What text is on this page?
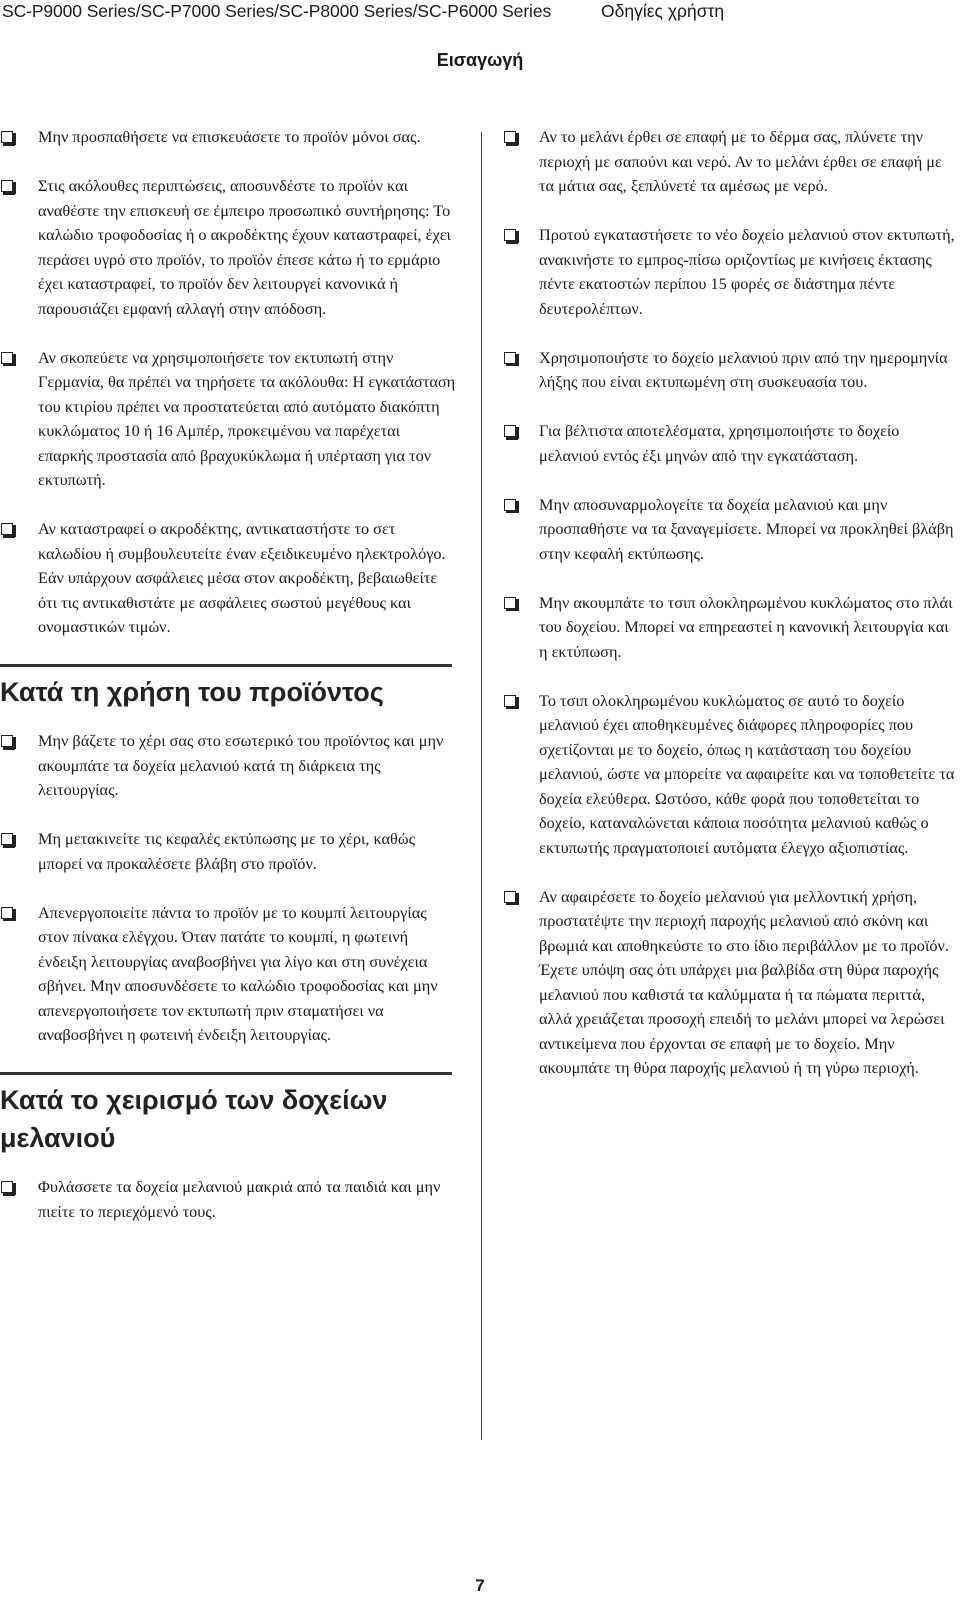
SC-P9000 Series/SC-P7000 Series/SC-P8000 Series/SC-P6000 Series	Οδηγίες χρήστη
Εισαγωγή
Μην προσπαθήσετε να επισκευάσετε το προϊόν μόνοι σας.
Στις ακόλουθες περιπτώσεις, αποσυνδέστε το προϊόν και αναθέστε την επισκευή σε έμπειρο προσωπικό συντήρησης: Το καλώδιο τροφοδοσίας ή ο ακροδέκτης έχουν καταστραφεί, έχει περάσει υγρό στο προϊόν, το προϊόν έπεσε κάτω ή το ερμάριο έχει καταστραφεί, το προϊόν δεν λειτουργεί κανονικά ή παρουσιάζει εμφανή αλλαγή στην απόδοση.
Αν σκοπεύετε να χρησιμοποιήσετε τον εκτυπωτή στην Γερμανία, θα πρέπει να τηρήσετε τα ακόλουθα: Η εγκατάσταση του κτιρίου πρέπει να προστατεύεται από αυτόματο διακόπτη κυκλώματος 10 ή 16 Αμπέρ, προκειμένου να παρέχεται επαρκής προστασία από βραχυκύκλωμα ή υπέρταση για τον εκτυπωτή.
Αν καταστραφεί ο ακροδέκτης, αντικαταστήστε το σετ καλωδίου ή συμβουλευτείτε έναν εξειδικευμένο ηλεκτρολόγο. Εάν υπάρχουν ασφάλειες μέσα στον ακροδέκτη, βεβαιωθείτε ότι τις αντικαθιστάτε με ασφάλειες σωστού μεγέθους και ονομαστικών τιμών.
Κατά τη χρήση του προϊόντος
Μην βάζετε το χέρι σας στο εσωτερικό του προϊόντος και μην ακουμπάτε τα δοχεία μελανιού κατά τη διάρκεια της λειτουργίας.
Μη μετακινείτε τις κεφαλές εκτύπωσης με το χέρι, καθώς μπορεί να προκαλέσετε βλάβη στο προϊόν.
Απενεργοποιείτε πάντα το προϊόν με το κουμπί λειτουργίας στον πίνακα ελέγχου. Όταν πατάτε το κουμπί, η φωτεινή ένδειξη λειτουργίας αναβοσβήνει για λίγο και στη συνέχεια σβήνει. Μην αποσυνδέσετε το καλώδιο τροφοδοσίας και μην απενεργοποιήσετε τον εκτυπωτή πριν σταματήσει να αναβοσβήνει η φωτεινή ένδειξη λειτουργίας.
Κατά το χειρισμό των δοχείων μελανιού
Φυλάσσετε τα δοχεία μελανιού μακριά από τα παιδιά και μην πιείτε το περιεχόμενό τους.
Αν το μελάνι έρθει σε επαφή με το δέρμα σας, πλύνετε την περιοχή με σαπούνι και νερό. Αν το μελάνι έρθει σε επαφή με τα μάτια σας, ξεπλύνετέ τα αμέσως με νερό.
Προτού εγκαταστήσετε το νέο δοχείο μελανιού στον εκτυπωτή, ανακινήστε το εμπρος-πίσω οριζοντίως με κινήσεις έκτασης πέντε εκατοστών περίπου 15 φορές σε διάστημα πέντε δευτερολέπτων.
Χρησιμοποιήστε το δοχείο μελανιού πριν από την ημερομηνία λήξης που είναι εκτυπωμένη στη συσκευασία του.
Για βέλτιστα αποτελέσματα, χρησιμοποιήστε το δοχείο μελανιού εντός έξι μηνών από την εγκατάσταση.
Μην αποσυναρμολογείτε τα δοχεία μελανιού και μην προσπαθήστε να τα ξαναγεμίσετε. Μπορεί να προκληθεί βλάβη στην κεφαλή εκτύπωσης.
Μην ακουμπάτε το τσιπ ολοκληρωμένου κυκλώματος στο πλάι του δοχείου. Μπορεί να επηρεαστεί η κανονική λειτουργία και η εκτύπωση.
Το τσιπ ολοκληρωμένου κυκλώματος σε αυτό το δοχείο μελανιού έχει αποθηκευμένες διάφορες πληροφορίες που σχετίζονται με το δοχείο, όπως η κατάσταση του δοχείου μελανιού, ώστε να μπορείτε να αφαιρείτε και να τοποθετείτε τα δοχεία ελεύθερα. Ωστόσο, κάθε φορά που τοποθετείται το δοχείο, καταναλώνεται κάποια ποσότητα μελανιού καθώς ο εκτυπωτής πραγματοποιεί αυτόματα έλεγχο αξιοπιστίας.
Αν αφαιρέσετε το δοχείο μελανιού για μελλοντική χρήση, προστατέψτε την περιοχή παροχής μελανιού από σκόνη και βρωμιά και αποθηκεύστε το στο ίδιο περιβάλλον με το προϊόν. Έχετε υπόψη σας ότι υπάρχει μια βαλβίδα στη θύρα παροχής μελανιού που καθιστά τα καλύμματα ή τα πώματα περιττά, αλλά χρειάζεται προσοχή επειδή το μελάνι μπορεί να λερώσει αντικείμενα που έρχονται σε επαφή με το δοχείο. Μην ακουμπάτε τη θύρα παροχής μελανιού ή τη γύρω περιοχή.
7
